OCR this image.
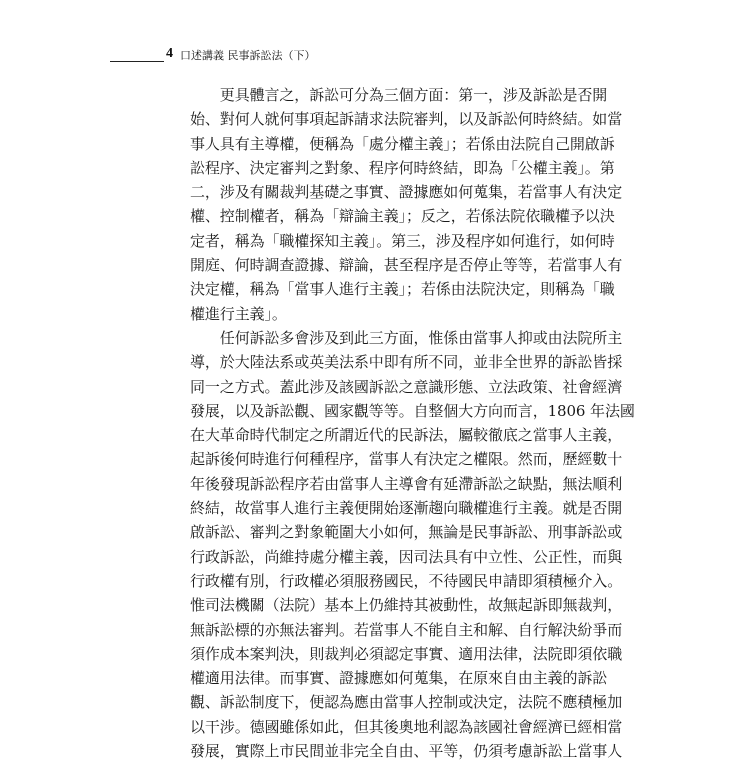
4 口述講義 民事訴訟法（下）
　　更具體言之，訴訟可分為三個方面：第一，涉及訴訟是否開
始、對何人就何事項起訴請求法院審判，以及訴訟何時終結。如當
事人具有主導權，便稱為「處分權主義」；若係由法院自己開啟訴
訟程序、決定審判之對象、程序何時終結，即為「公權主義」。第
二，涉及有關裁判基礎之事實、證據應如何蒐集，若當事人有決定
權、控制權者，稱為「辯論主義」；反之，若係法院依職權予以決
定者，稱為「職權探知主義」。第三，涉及程序如何進行，如何時
開庭、何時調查證據、辯論，甚至程序是否停止等等，若當事人有
決定權，稱為「當事人進行主義」；若係由法院決定，則稱為「職
權進行主義」。
　　任何訴訟多會涉及到此三方面，惟係由當事人抑或由法院所主
導，於大陸法系或英美法系中即有所不同，並非全世界的訴訟皆採
同一之方式。蓋此涉及該國訴訟之意識形態、立法政策、社會經濟
發展，以及訴訟觀、國家觀等等。自整個大方向而言，1806 年法國
在大革命時代制定之所謂近代的民訴法，屬較徹底之當事人主義，
起訴後何時進行何種程序，當事人有決定之權限。然而，歷經數十
年後發現訴訟程序若由當事人主導會有延滯訴訟之缺點，無法順利
終結，故當事人進行主義便開始逐漸趨向職權進行主義。就是否開
啟訴訟、審判之對象範圍大小如何，無論是民事訴訟、刑事訴訟或
行政訴訟，尚維持處分權主義，因司法具有中立性、公正性，而與
行政權有別，行政權必須服務國民，不待國民申請即須積極介入。
惟司法機關（法院）基本上仍維持其被動性，故無起訴即無裁判，
無訴訟標的亦無法審判。若當事人不能自主和解、自行解決紛爭而
須作成本案判決，則裁判必須認定事實、適用法律，法院即須依職
權適用法律。而事實、證據應如何蒐集，在原來自由主義的訴訟
觀、訴訟制度下，便認為應由當事人控制或決定，法院不應積極加
以干涉。德國雖係如此，但其後奧地利認為該國社會經濟已經相當
發展，實際上市民間並非完全自由、平等，仍須考慮訴訟上當事人
